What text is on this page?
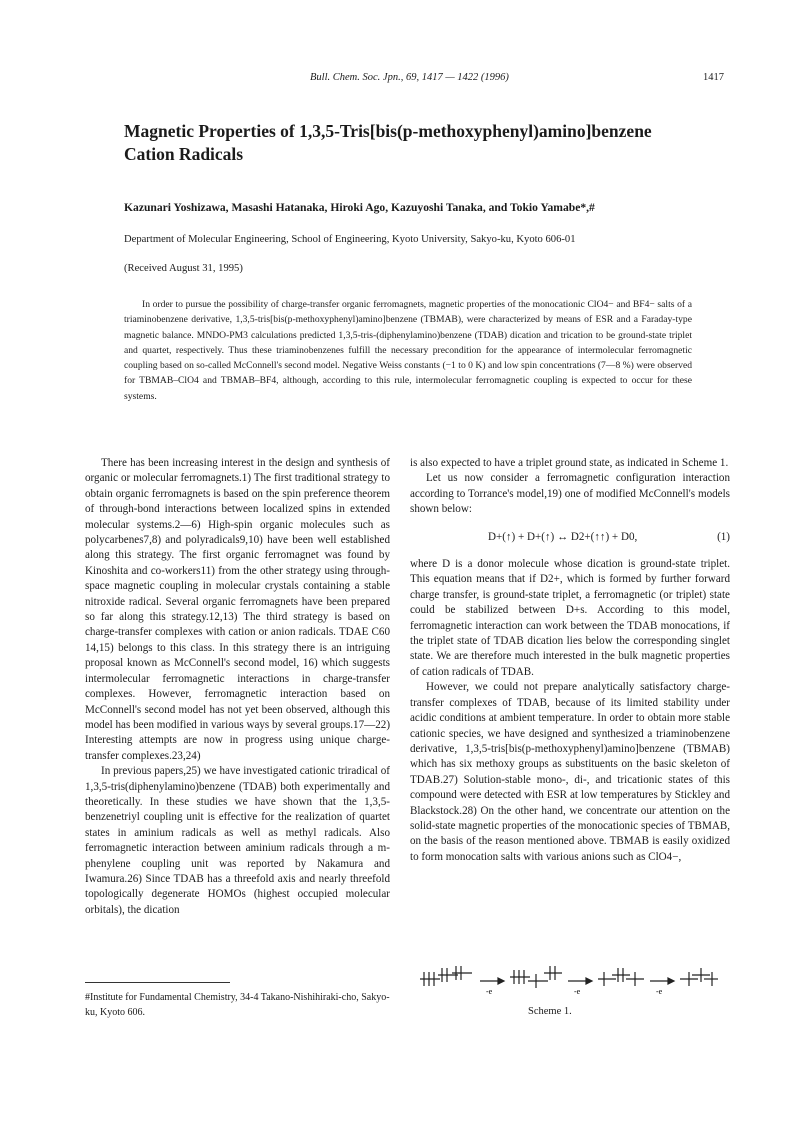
Bull. Chem. Soc. Jpn., 69, 1417 — 1422 (1996)	1417
Magnetic Properties of 1,3,5-Tris[bis(p-methoxyphenyl)amino]benzene
Cation Radicals
Kazunari Yoshizawa, Masashi Hatanaka, Hiroki Ago, Kazuyoshi Tanaka, and Tokio Yamabe*,#
Department of Molecular Engineering, School of Engineering, Kyoto University, Sakyo-ku, Kyoto 606-01
(Received August 31, 1995)
In order to pursue the possibility of charge-transfer organic ferromagnets, magnetic properties of the monocationic ClO4− and BF4− salts of a triaminobenzene derivative, 1,3,5-tris[bis(p-methoxyphenyl)amino]benzene (TBMAB), were characterized by means of ESR and a Faraday-type magnetic balance. MNDO-PM3 calculations predicted 1,3,5-tris-(diphenylamino)benzene (TDAB) dication and trication to be ground-state triplet and quartet, respectively. Thus these triaminobenzenes fulfill the necessary precondition for the appearance of intermolecular ferromagnetic coupling based on so-called McConnell's second model. Negative Weiss constants (−1 to 0 K) and low spin concentrations (7—8 %) were observed for TBMAB–ClO4 and TBMAB–BF4, although, according to this rule, intermolecular ferromagnetic coupling is expected to occur for these systems.

There has been increasing interest in the design and synthesis of organic or molecular ferromagnets.1) The first traditional strategy to obtain organic ferromagnets is based on the spin preference theorem of through-bond interactions between localized spins in extended molecular systems.2—6) High-spin organic molecules such as polycarbenes7,8) and polyradicals9,10) have been well established along this strategy. The first organic ferromagnet was found by Kinoshita and co-workers11) from the other strategy using through-space magnetic coupling in molecular crystals containing a stable nitroxide radical. Several organic ferromagnets have been prepared so far along this strategy.12,13) The third strategy is based on charge-transfer complexes with cation or anion radicals. TDAE C60 14,15) belongs to this class. In this strategy there is an intriguing proposal known as McConnell's second model, 16) which suggests intermolecular ferromagnetic interactions in charge-transfer complexes. However, ferromagnetic interaction based on McConnell's second model has not yet been observed, although this model has been modified in various ways by several groups.17—22) Interesting attempts are now in progress using unique charge-transfer complexes.23,24)

In previous papers,25) we have investigated cationic triradical of 1,3,5-tris(diphenylamino)benzene (TDAB) both experimentally and theoretically. In these studies we have shown that the 1,3,5-benzenetriyl coupling unit is effective for the realization of quartet states in aminium radicals as well as methyl radicals. Also ferromagnetic interaction between aminium radicals through a m-phenylene coupling unit was reported by Nakamura and Iwamura.26) Since TDAB has a threefold axis and nearly threefold topologically degenerate HOMOs (highest occupied molecular orbitals), the dication

is also expected to have a triplet ground state, as indicated in Scheme 1.

Let us now consider a ferromagnetic configuration interaction according to Torrance's model,19) one of modified McConnell's models shown below:

D+(↑) + D+(↑) ↔ D2+(↑↑) + D0,	(1)

where D is a donor molecule whose dication is ground-state triplet. This equation means that if D2+, which is formed by further forward charge transfer, is ground-state triplet, a ferromagnetic (or triplet) state could be stabilized between D+s. According to this model, ferromagnetic interaction can work between the TDAB monocations, if the triplet state of TDAB dication lies below the corresponding singlet state. We are therefore much interested in the bulk magnetic properties of cation radicals of TDAB.

However, we could not prepare analytically satisfactory charge-transfer complexes of TDAB, because of its limited stability under acidic conditions at ambient temperature. In order to obtain more stable cationic species, we have designed and synthesized a triaminobenzene derivative, 1,3,5-tris[bis(p-methoxyphenyl)amino]benzene (TBMAB) which has six methoxy groups as substituents on the basic skeleton of TDAB.27) Solution-stable mono-, di-, and tricationic states of this compound were detected with ESR at low temperatures by Stickley and Blackstock.28) On the other hand, we concentrate our attention on the solid-state magnetic properties of the monocationic species of TBMAB, on the basis of the reason mentioned above. TBMAB is easily oxidized to form monocation salts with various anions such as ClO4−,

-e	-e	-e
Scheme 1.
#Institute for Fundamental Chemistry, 34-4 Takano-Nishihiraki-cho, Sakyo-ku, Kyoto 606.
